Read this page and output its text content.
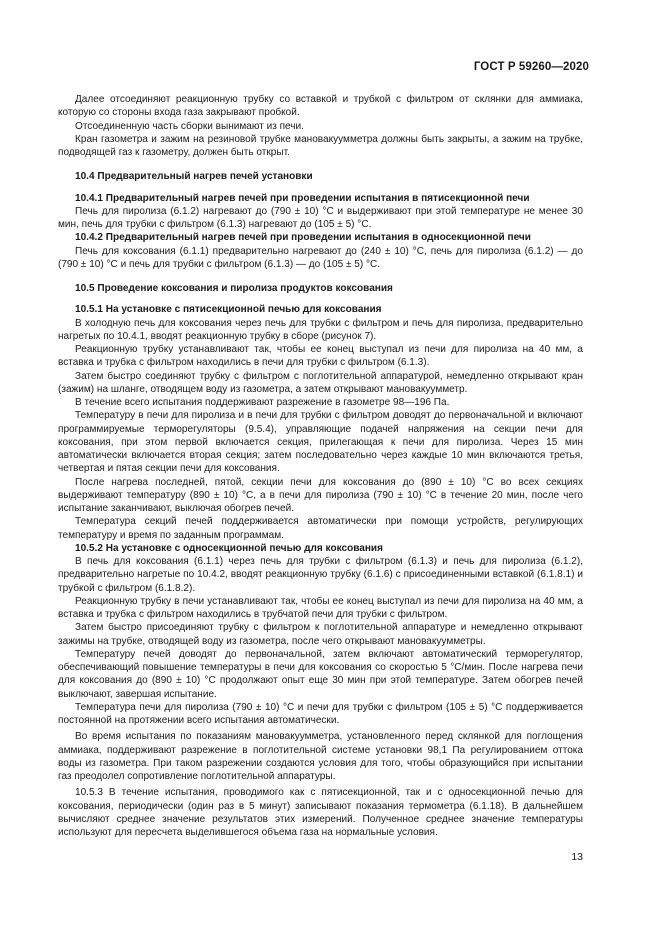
ГОСТ Р 59260—2020

Далее отсоединяют реакционную трубку со вставкой и трубкой с фильтром от склянки для аммиака, которую со стороны входа газа закрывают пробкой.

Отсоединенную часть сборки вынимают из печи.

Кран газометра и зажим на резиновой трубке мановакуумметра должны быть закрыты, а зажим на трубке, подводящей газ к газометру, должен быть открыт.

10.4 Предварительный нагрев печей установки

10.4.1 Предварительный нагрев печей при проведении испытания в пятисекционной печи

Печь для пиролиза (6.1.2) нагревают до (790 ± 10) °С и выдерживают при этой температуре не менее 30 мин, печь для трубки с фильтром (6.1.3) нагревают до (105 ± 5) °С.

10.4.2 Предварительный нагрев печей при проведении испытания в односекционной печи

Печь для коксования (6.1.1) предварительно нагревают до (240 ± 10) °С, печь для пиролиза (6.1.2) — до (790 ± 10) °С и печь для трубки с фильтром (6.1.3) — до (105 ± 5) °С.

10.5 Проведение коксования и пиролиза продуктов коксования

10.5.1 На установке с пятисекционной печью для коксования

В холодную печь для коксования через печь для трубки с фильтром и печь для пиролиза, предварительно нагретых по 10.4.1, вводят реакционную трубку в сборе (рисунок 7).

Реакционную трубку устанавливают так, чтобы ее конец выступал из печи для пиролиза на 40 мм, а вставка и трубка с фильтром находились в печи для трубки с фильтром (6.1.3).

Затем быстро соединяют трубку с фильтром с поглотительной аппаратурой, немедленно открывают кран (зажим) на шланге, отводящем воду из газометра, а затем открывают мановакуумметр.

В течение всего испытания поддерживают разрежение в газометре 98—196 Па.

Температуру в печи для пиролиза и в печи для трубки с фильтром доводят до первоначальной и включают программируемые терморегуляторы (9.5.4), управляющие подачей напряжения на секции печи для коксования, при этом первой включается секция, прилегающая к печи для пиролиза. Через 15 мин автоматически включается вторая секция; затем последовательно через каждые 10 мин включаются третья, четвертая и пятая секции печи для коксования.

После нагрева последней, пятой, секции печи для коксования до (890 ± 10) °С во всех секциях выдерживают температуру (890 ± 10) °С, а в печи для пиролиза (790 ± 10) °С в течение 20 мин, после чего испытание заканчивают, выключая обогрев печей.

Температура секций печей поддерживается автоматически при помощи устройств, регулирующих температуру и время по заданным программам.

10.5.2 На установке с односекционной печью для коксования

В печь для коксования (6.1.1) через печь для трубки с фильтром (6.1.3) и печь для пиролиза (6.1.2), предварительно нагретые по 10.4.2, вводят реакционную трубку (6.1.6) с присоединенными вставкой (6.1.8.1) и трубкой с фильтром (6.1.8.2).

Реакционную трубку в печи устанавливают так, чтобы ее конец выступал из печи для пиролиза на 40 мм, а вставка и трубка с фильтром находились в трубчатой печи для трубки с фильтром.

Затем быстро присоединяют трубку с фильтром к поглотительной аппаратуре и немедленно открывают зажимы на трубке, отводящей воду из газометра, после чего открывают мановакуумметры.

Температуру печей доводят до первоначальной, затем включают автоматический терморегулятор, обеспечивающий повышение температуры в печи для коксования со скоростью 5 °С/мин. После нагрева печи для коксования до (890 ± 10) °С продолжают опыт еще 30 мин при этой температуре. Затем обогрев печей выключают, завершая испытание.

Температура печи для пиролиза (790 ± 10) °С и печи для трубки с фильтром (105 ± 5) °С поддерживается постоянной на протяжении всего испытания автоматически.

Во время испытания по показаниям мановакуумметра, установленного перед склянкой для поглощения аммиака, поддерживают разрежение в поглотительной системе установки 98,1 Па регулированием оттока воды из газометра. При таком разрежении создаются условия для того, чтобы образующийся при испытании газ преодолел сопротивление поглотительной аппаратуры.

10.5.3 В течение испытания, проводимого как с пятисекционной, так и с односекционной печью для коксования, периодически (один раз в 5 минут) записывают показания термометра (6.1.18). В дальнейшем вычисляют среднее значение результатов этих измерений. Полученное среднее значение температуры используют для пересчета выделившегося объема газа на нормальные условия.

13
